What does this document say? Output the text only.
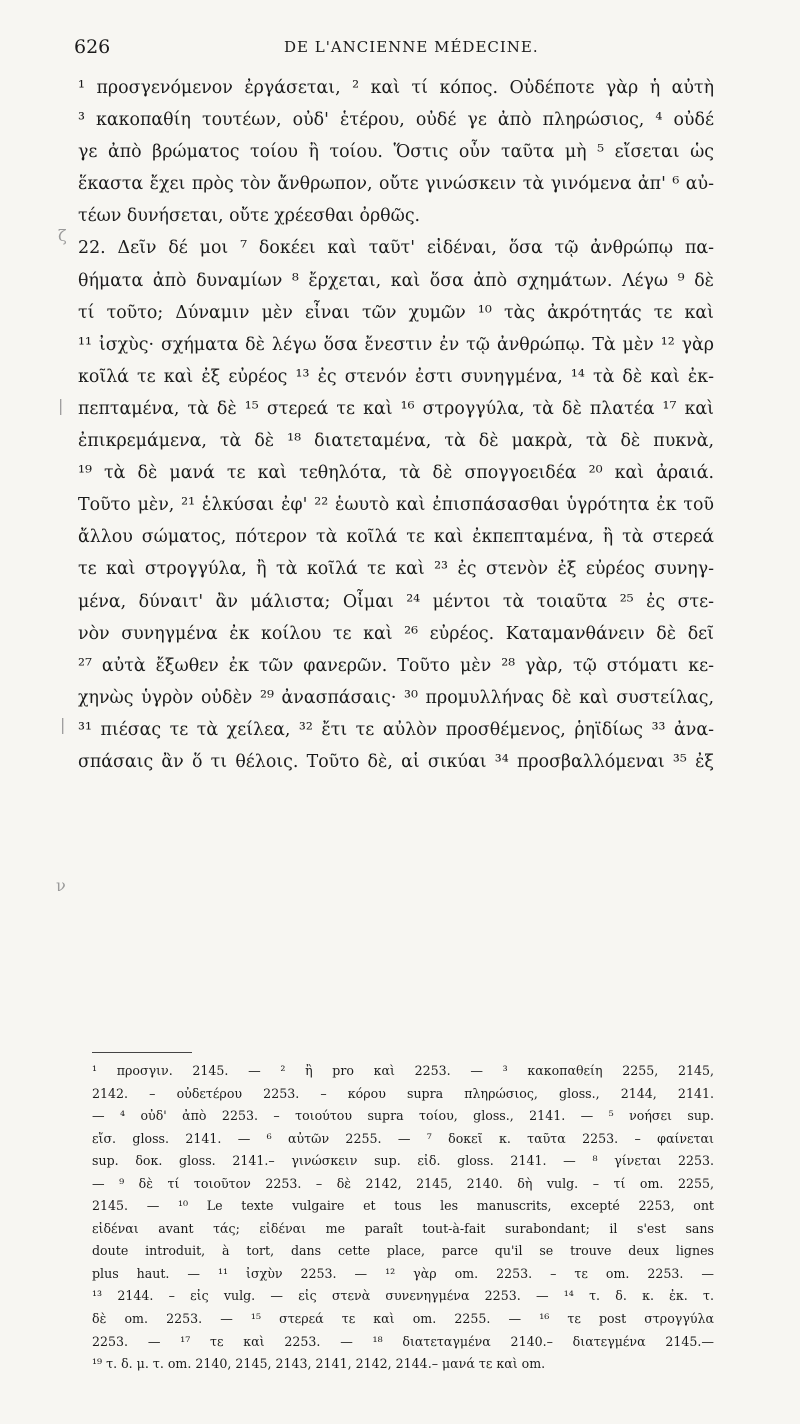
626	DE L'ANCIENNE MÉDECINE.
ζ
|
|
ν
¹ προσγενόμενον ἐργάσεται, ² καὶ τί κόπος. Οὐδέποτε γὰρ ἡ αὐτὴ
³ κακοπαθίη τουτέων, οὐδ' ἑτέρου, οὐδέ γε ἀπὸ πληρώσιος, ⁴ οὐδέ
γε ἀπὸ βρώματος τοίου ἢ τοίου. Ὅστις οὖν ταῦτα μὴ ⁵ εἴσεται ὡς
ἕκαστα ἔχει πρὸς τὸν ἄνθρωπον, οὔτε γινώσκειν τὰ γινόμενα ἀπ' ⁶ αὐ-
τέων δυνήσεται, οὔτε χρέεσθαι ὀρθῶς.
22. Δεῖν δέ μοι ⁷ δοκέει καὶ ταῦτ' εἰδέναι, ὅσα τῷ ἀνθρώπῳ πα-
θήματα ἀπὸ δυναμίων ⁸ ἔρχεται, καὶ ὅσα ἀπὸ σχημάτων. Λέγω ⁹ δὲ
τί τοῦτο; Δύναμιν μὲν εἶναι τῶν χυμῶν ¹⁰ τὰς ἀκρότητάς τε καὶ
¹¹ ἰσχὺς· σχήματα δὲ λέγω ὅσα ἔνεστιν ἐν τῷ ἀνθρώπῳ. Τὰ μὲν ¹² γὰρ
κοῖλά τε καὶ ἐξ εὐρέος ¹³ ἐς στενόν ἐστι συνηγμένα, ¹⁴ τὰ δὲ καὶ ἐκ-
πεπταμένα, τὰ δὲ ¹⁵ στερεά τε καὶ ¹⁶ στρογγύλα, τὰ δὲ πλατέα ¹⁷ καὶ
ἐπικρεμάμενα, τὰ δὲ ¹⁸ διατεταμένα, τὰ δὲ μακρὰ, τὰ δὲ πυκνὰ,
¹⁹ τὰ δὲ μανά τε καὶ τεθηλότα, τὰ δὲ σπογγοειδέα ²⁰ καὶ ἀραιά.
Τοῦτο μὲν, ²¹ ἑλκύσαι ἐφ' ²² ἑωυτὸ καὶ ἐπισπάσασθαι ὑγρότητα ἐκ τοῦ
ἄλλου σώματος, πότερον τὰ κοῖλά τε καὶ ἐκπεπταμένα, ἢ τὰ στερεά
τε καὶ στρογγύλα, ἢ τὰ κοῖλά τε καὶ ²³ ἐς στενὸν ἐξ εὐρέος συνηγ-
μένα, δύναιτ' ἂν μάλιστα; Οἶμαι ²⁴ μέντοι τὰ τοιαῦτα ²⁵ ἐς στε-
νὸν συνηγμένα ἐκ κοίλου τε καὶ ²⁶ εὐρέος. Καταμανθάνειν δὲ δεῖ
²⁷ αὐτὰ ἔξωθεν ἐκ τῶν φανερῶν. Τοῦτο μὲν ²⁸ γὰρ, τῷ στόματι κε-
χηνὼς ὑγρὸν οὐδὲν ²⁹ ἀνασπάσαις· ³⁰ προμυλλήνας δὲ καὶ συστείλας,
³¹ πιέσας τε τὰ χείλεα, ³² ἔτι τε αὐλὸν προσθέμενος, ῥηϊδίως ³³ ἀνα-
σπάσαις ἂν ὅ τι θέλοις. Τοῦτο δὲ, αἱ σικύαι ³⁴ προσβαλλόμεναι ³⁵ ἐξ
¹ προσγιν. 2145. — ² ἢ pro καὶ 2253. — ³ κακοπαθείη 2255, 2145,
2142. – οὐδετέρου 2253. – κόρου supra πληρώσιος, gloss., 2144, 2141.
— ⁴ οὐδ' ἀπὸ 2253. – τοιούτου supra τοίου, gloss., 2141. — ⁵ νοήσει sup.
εἴσ. gloss. 2141. — ⁶ αὐτῶν 2255. — ⁷ δοκεῖ κ. ταῦτα 2253. – φαίνεται
sup. δοκ. gloss. 2141.– γινώσκειν sup. εἰδ. gloss. 2141. — ⁸ γίνεται 2253.
— ⁹ δὲ τί τοιοῦτον 2253. – δὲ 2142, 2145, 2140. δὴ vulg. – τί om. 2255,
2145. — ¹⁰ Le texte vulgaire et tous les manuscrits, excepté 2253, ont
εἰδέναι avant τάς; εἰδέναι me paraît tout-à-fait surabondant; il s'est sans
doute introduit, à tort, dans cette place, parce qu'il se trouve deux lignes
plus haut. — ¹¹ ἰσχὺν 2253. — ¹² γὰρ om. 2253. – τε om. 2253. —
¹³ 2144. – εἰς vulg. — εἰς στενὰ συνενηγμένα 2253. — ¹⁴ τ. δ. κ. ἐκ. τ.
δὲ om. 2253. — ¹⁵ στερεά τε καὶ om. 2255. — ¹⁶ τε post στρογγύλα
2253. — ¹⁷ τε καὶ 2253. — ¹⁸ διατεταγμένα 2140.– διατεγμένα 2145.—
¹⁹ τ. δ. μ. τ. om. 2140, 2145, 2143, 2141, 2142, 2144.– μανά τε καὶ om.
